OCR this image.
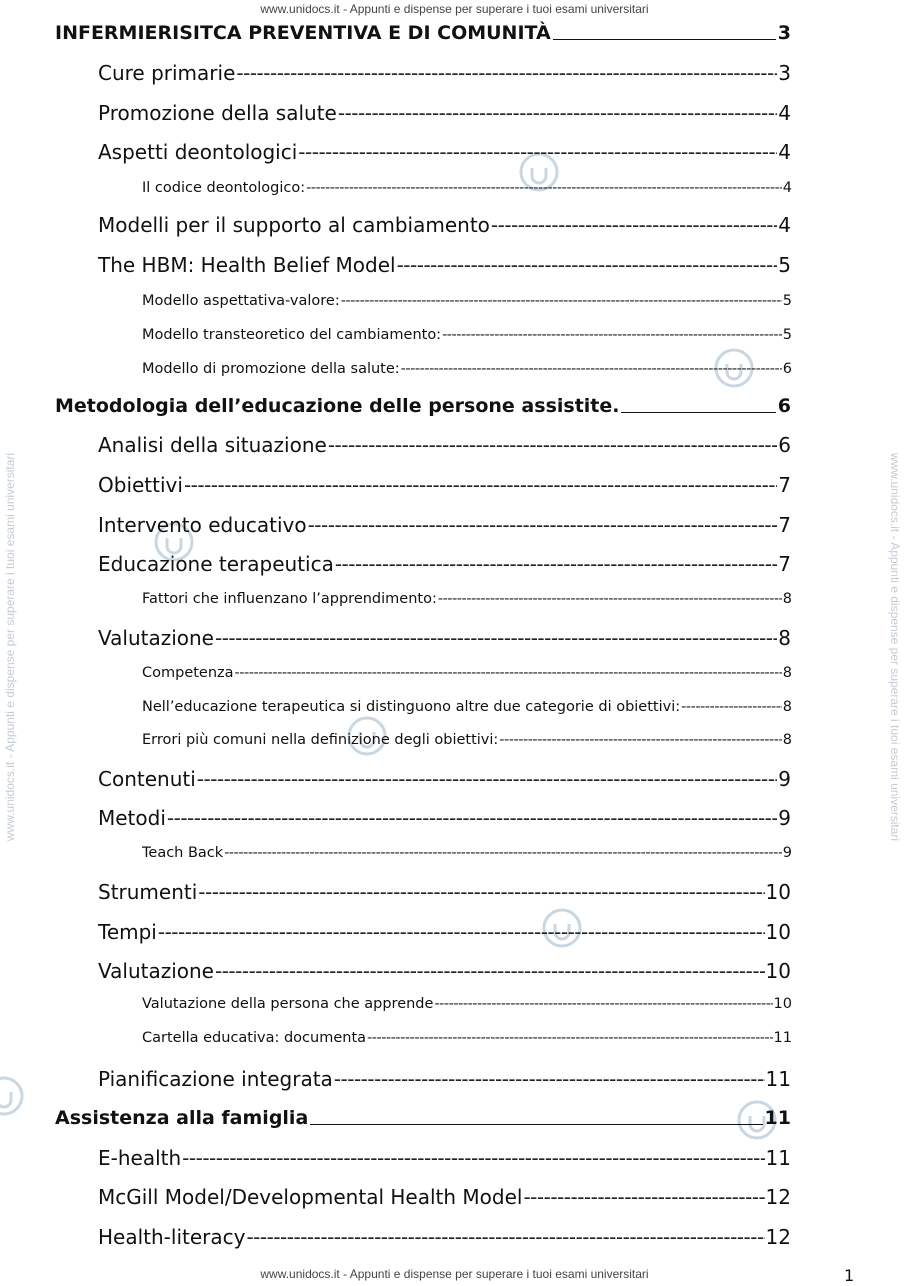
www.unidocs.it - Appunti e dispense per superare i tuoi esami universitari
www.unidocs.it - Appunti e dispense per superare i tuoi esami universitari	www.unidocs.it - Appunti e dispense per superare i tuoi esami universitari
INFERMIERISITCA PREVENTIVA E DI COMUNITÀ	3
Cure primarie -----	3
Promozione della salute -----	4
Aspetti deontologici -----	4
Il codice deontologico: -----	4
Modelli per il supporto al cambiamento -----	4
The HBM: Health Belief Model -----	5
Modello aspettativa-valore: -----	5
Modello transteoretico del cambiamento: -----	5
Modello di promozione della salute: -----	6
Metodologia dell’educazione delle persone assistite.	6
Analisi della situazione -----	6
Obiettivi -----	7
Intervento educativo -----	7
Educazione terapeutica -----	7
Fattori che influenzano l’apprendimento: -----	8
Valutazione -----	8
Competenza -----	8
Nell’educazione terapeutica si distinguono altre due categorie di obiettivi: -----	8
Errori più comuni nella definizione degli obiettivi: -----	8
Contenuti -----	9
Metodi -----	9
Teach Back -----	9
Strumenti -----	10
Tempi -----	10
Valutazione -----	10
Valutazione della persona che apprende -----	10
Cartella educativa: documenta -----	11
Pianificazione integrata -----	11
Assistenza alla famiglia	11
E-health -----	11
McGill Model/Developmental Health Model -----	12
Health-literacy -----	12
1
www.unidocs.it - Appunti e dispense per superare i tuoi esami universitari
